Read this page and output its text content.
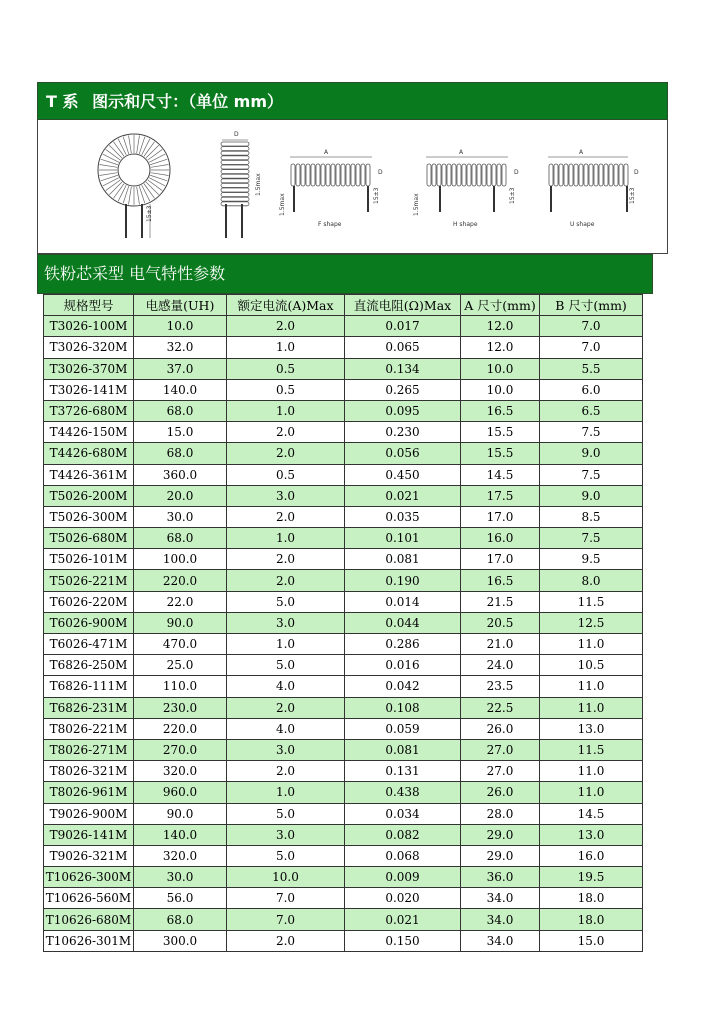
T 系 图示和尺寸：（单位 mm）
15±3
D
1.5max
A
D
15±3
1.5max
F shape
A
D
15±3
1.5max
H shape
A
D
15±3
U shape
铁粉芯采型 电气特性参数
规格型号	电感量(UH)	额定电流(A)Max	直流电阻(Ω)Max	A 尺寸(mm)	B 尺寸(mm)
T3026-100M	10.0	2.0	0.017	12.0	7.0
T3026-320M	32.0	1.0	0.065	12.0	7.0
T3026-370M	37.0	0.5	0.134	10.0	5.5
T3026-141M	140.0	0.5	0.265	10.0	6.0
T3726-680M	68.0	1.0	0.095	16.5	6.5
T4426-150M	15.0	2.0	0.230	15.5	7.5
T4426-680M	68.0	2.0	0.056	15.5	9.0
T4426-361M	360.0	0.5	0.450	14.5	7.5
T5026-200M	20.0	3.0	0.021	17.5	9.0
T5026-300M	30.0	2.0	0.035	17.0	8.5
T5026-680M	68.0	1.0	0.101	16.0	7.5
T5026-101M	100.0	2.0	0.081	17.0	9.5
T5026-221M	220.0	2.0	0.190	16.5	8.0
T6026-220M	22.0	5.0	0.014	21.5	11.5
T6026-900M	90.0	3.0	0.044	20.5	12.5
T6026-471M	470.0	1.0	0.286	21.0	11.0
T6826-250M	25.0	5.0	0.016	24.0	10.5
T6826-111M	110.0	4.0	0.042	23.5	11.0
T6826-231M	230.0	2.0	0.108	22.5	11.0
T8026-221M	220.0	4.0	0.059	26.0	13.0
T8026-271M	270.0	3.0	0.081	27.0	11.5
T8026-321M	320.0	2.0	0.131	27.0	11.0
T8026-961M	960.0	1.0	0.438	26.0	11.0
T9026-900M	90.0	5.0	0.034	28.0	14.5
T9026-141M	140.0	3.0	0.082	29.0	13.0
T9026-321M	320.0	5.0	0.068	29.0	16.0
T10626-300M	30.0	10.0	0.009	36.0	19.5
T10626-560M	56.0	7.0	0.020	34.0	18.0
T10626-680M	68.0	7.0	0.021	34.0	18.0
T10626-301M	300.0	2.0	0.150	34.0	15.0
